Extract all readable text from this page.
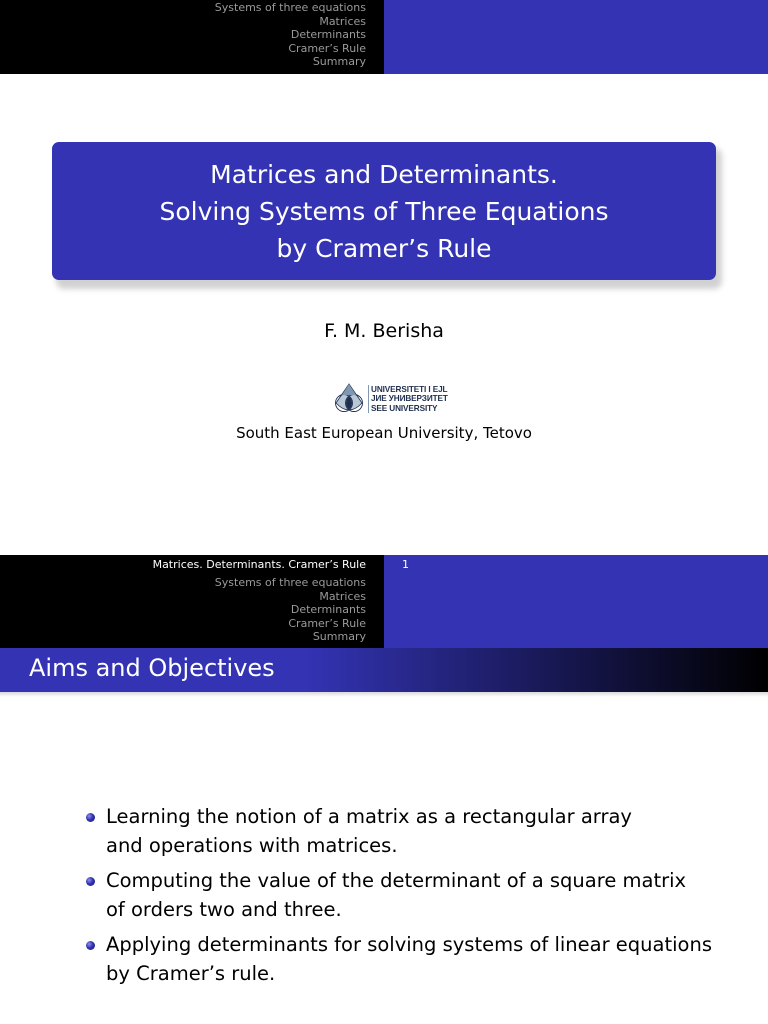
Systems of three equations
Matrices
Determinants
Cramer’s Rule
Summary
Matrices and Determinants.
Solving Systems of Three Equations
by Cramer’s Rule
F. M. Berisha
UNIVERSITETI I EJL
ЈИЕ УНИВЕРЗИТЕТ
SEE UNIVERSITY
South East European University, Tetovo
Matrices. Determinants. Cramer’s Rule
Systems of three equations
Matrices
Determinants
Cramer’s Rule
Summary
1
Aims and Objectives
Learning the notion of a matrix as a rectangular array
and operations with matrices.
Computing the value of the determinant of a square matrix
of orders two and three.
Applying determinants for solving systems of linear equations
by Cramer’s rule.
